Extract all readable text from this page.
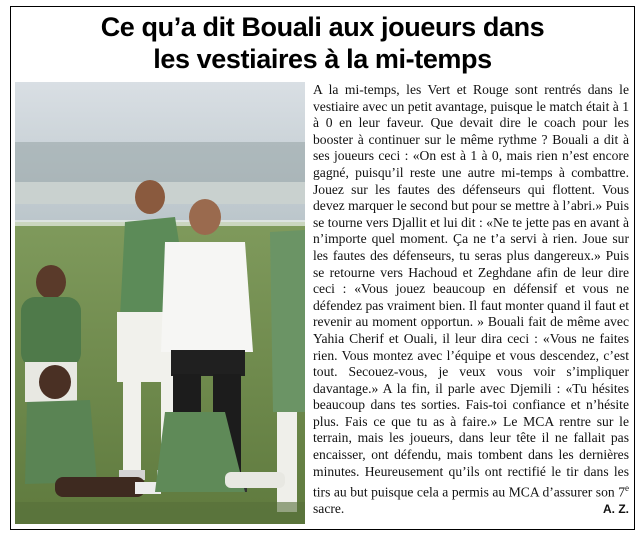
Ce qu’a dit Bouali aux joueurs dans
les vestiaires à la mi-temps

A la mi-temps, les Vert et Rouge sont rentrés dans le vestiaire avec un petit avantage, puisque le match était à 1 à 0 en leur faveur. Que devait dire le coach pour les booster à continuer sur le même rythme ? Bouali a dit à ses joueurs ceci : «On est à 1 à 0, mais rien n’est encore gagné, puisqu’il reste une autre mi-temps à combattre. Jouez sur les fautes des défenseurs qui flottent. Vous devez marquer le second but pour se mettre à l’abri.» Puis se tourne vers Djallit et lui dit : «Ne te jette pas en avant à n’importe quel moment. Ça ne t’a servi à rien. Joue sur les fautes des défenseurs, tu seras plus dangereux.» Puis se retourne vers Hachoud et Zeghdane afin de leur dire ceci : «Vous jouez beaucoup en défensif et vous ne défendez pas vraiment bien. Il faut monter quand il faut et revenir au moment opportun. » Bouali fait de même avec Yahia Cherif et Ouali, il leur dira ceci : «Vous ne faites rien. Vous montez avec l’équipe et vous descendez, c’est tout. Secouez-vous, je veux vous voir s’impliquer davantage.» A la fin, il parle avec Djemili : «Tu hésites beaucoup dans tes sorties. Fais-toi confiance et n’hésite plus. Fais ce que tu as à faire.» Le MCA rentre sur le terrain, mais les joueurs, dans leur tête il ne fallait pas encaisser, ont défendu, mais tombent dans les dernières minutes. Heureusement qu’ils ont rectifié le tir dans les tirs au but puisque cela a permis au MCA d’assurer son 7e sacre.	A. Z.
